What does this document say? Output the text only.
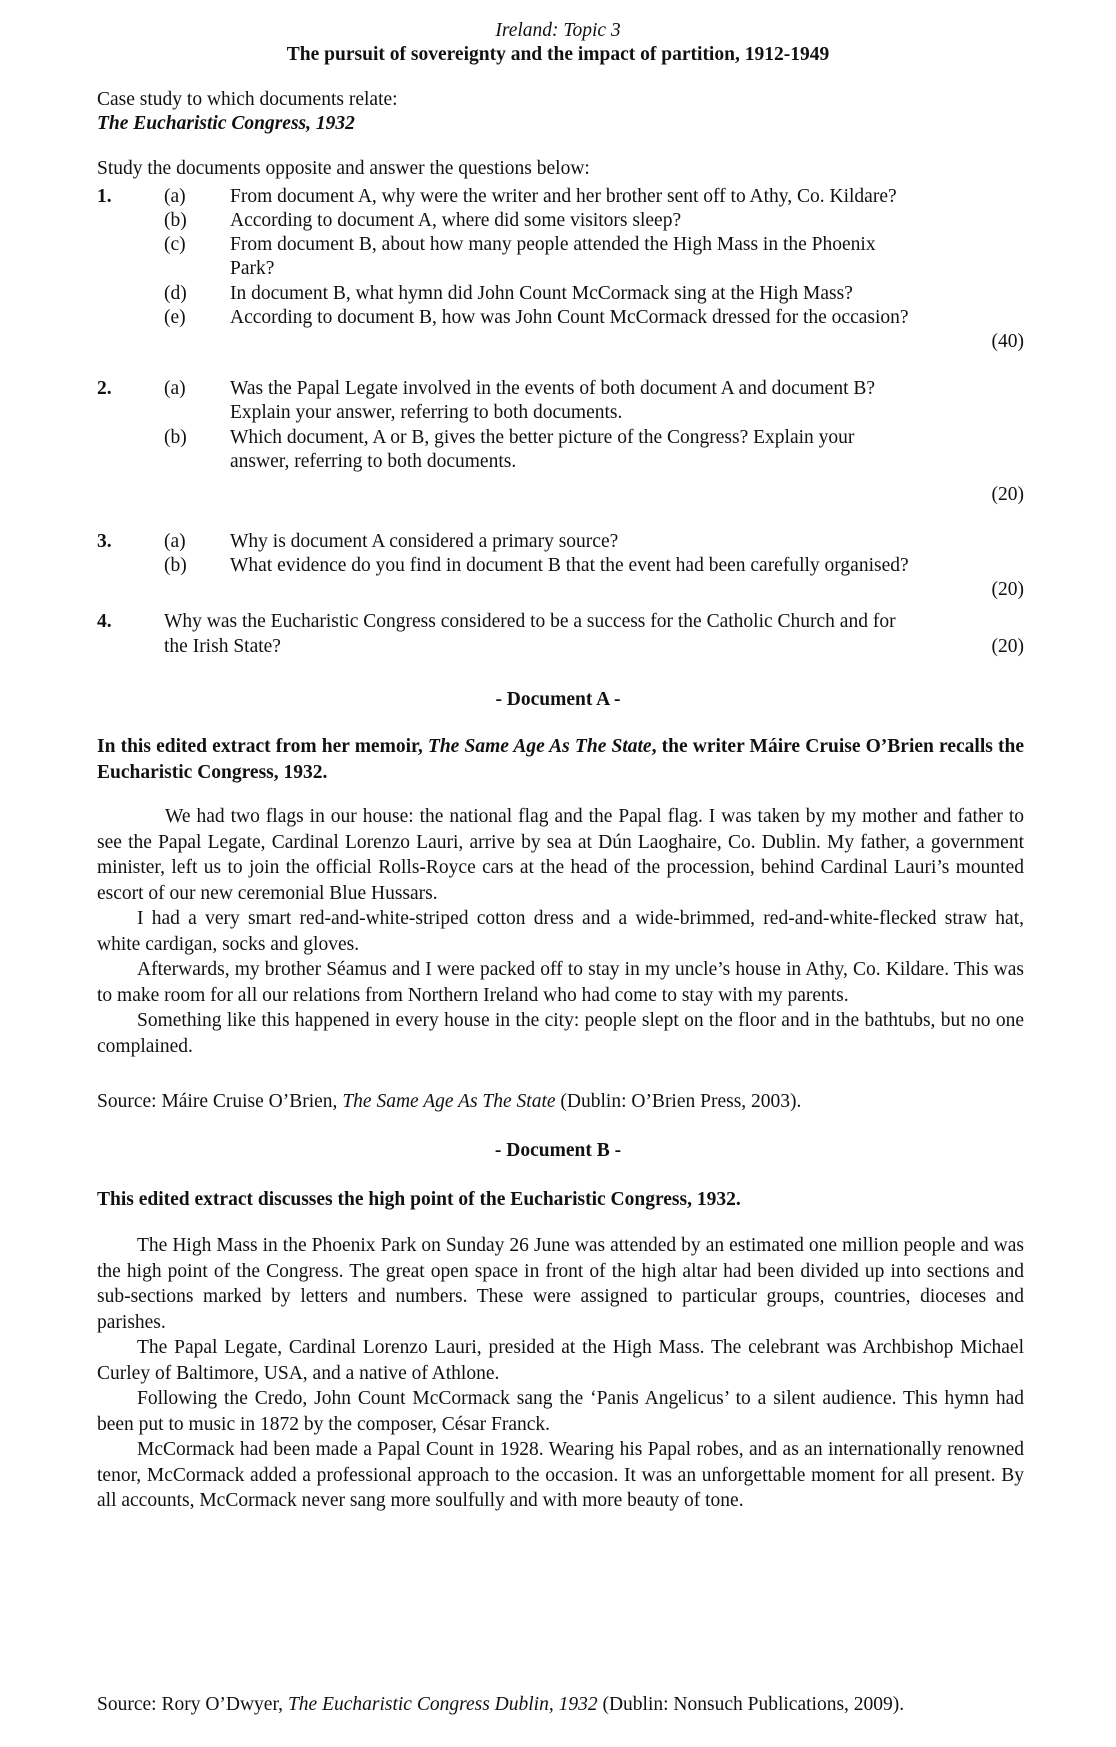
Ireland: Topic 3
The pursuit of sovereignty and the impact of partition, 1912-1949
Case study to which documents relate:
The Eucharistic Congress, 1932
Study the documents opposite and answer the questions below:
1.	(a) From document A, why were the writer and her brother sent off to Athy, Co. Kildare?
(b) According to document A, where did some visitors sleep?
(c) From document B, about how many people attended the High Mass in the Phoenix
Park?
(d) In document B, what hymn did John Count McCormack sing at the High Mass?
(e) According to document B, how was John Count McCormack dressed for the occasion?
(40)
2.	(a) Was the Papal Legate involved in the events of both document A and document B?
Explain your answer, referring to both documents.
(b) Which document, A or B, gives the better picture of the Congress? Explain your
answer, referring to both documents.
(20)
3.	(a) Why is document A considered a primary source?
(b) What evidence do you find in document B that the event had been carefully organised?
(20)
4.	Why was the Eucharistic Congress considered to be a success for the Catholic Church and for
the Irish State?	(20)
- Document A -
In this edited extract from her memoir, The Same Age As The State, the writer Máire Cruise O’Brien recalls the Eucharistic Congress, 1932.

We had two flags in our house: the national flag and the Papal flag. I was taken by my mother and father to see the Papal Legate, Cardinal Lorenzo Lauri, arrive by sea at Dún Laoghaire, Co. Dublin. My father, a government minister, left us to join the official Rolls-Royce cars at the head of the procession, behind Cardinal Lauri’s mounted escort of our new ceremonial Blue Hussars.

I had a very smart red-and-white-striped cotton dress and a wide-brimmed, red-and-white-flecked straw hat, white cardigan, socks and gloves.

Afterwards, my brother Séamus and I were packed off to stay in my uncle’s house in Athy, Co. Kildare. This was to make room for all our relations from Northern Ireland who had come to stay with my parents.

Something like this happened in every house in the city: people slept on the floor and in the bathtubs, but no one complained.

Source: Máire Cruise O’Brien, The Same Age As The State (Dublin: O’Brien Press, 2003).
- Document B -
This edited extract discusses the high point of the Eucharistic Congress, 1932.

The High Mass in the Phoenix Park on Sunday 26 June was attended by an estimated one million people and was the high point of the Congress. The great open space in front of the high altar had been divided up into sections and sub-sections marked by letters and numbers. These were assigned to particular groups, countries, dioceses and parishes.

The Papal Legate, Cardinal Lorenzo Lauri, presided at the High Mass. The celebrant was Archbishop Michael Curley of Baltimore, USA, and a native of Athlone.

Following the Credo, John Count McCormack sang the ‘Panis Angelicus’ to a silent audience. This hymn had been put to music in 1872 by the composer, César Franck.

McCormack had been made a Papal Count in 1928. Wearing his Papal robes, and as an internationally renowned tenor, McCormack added a professional approach to the occasion. It was an unforgettable moment for all present. By all accounts, McCormack never sang more soulfully and with more beauty of tone.

Source: Rory O’Dwyer, The Eucharistic Congress Dublin, 1932 (Dublin: Nonsuch Publications, 2009).
